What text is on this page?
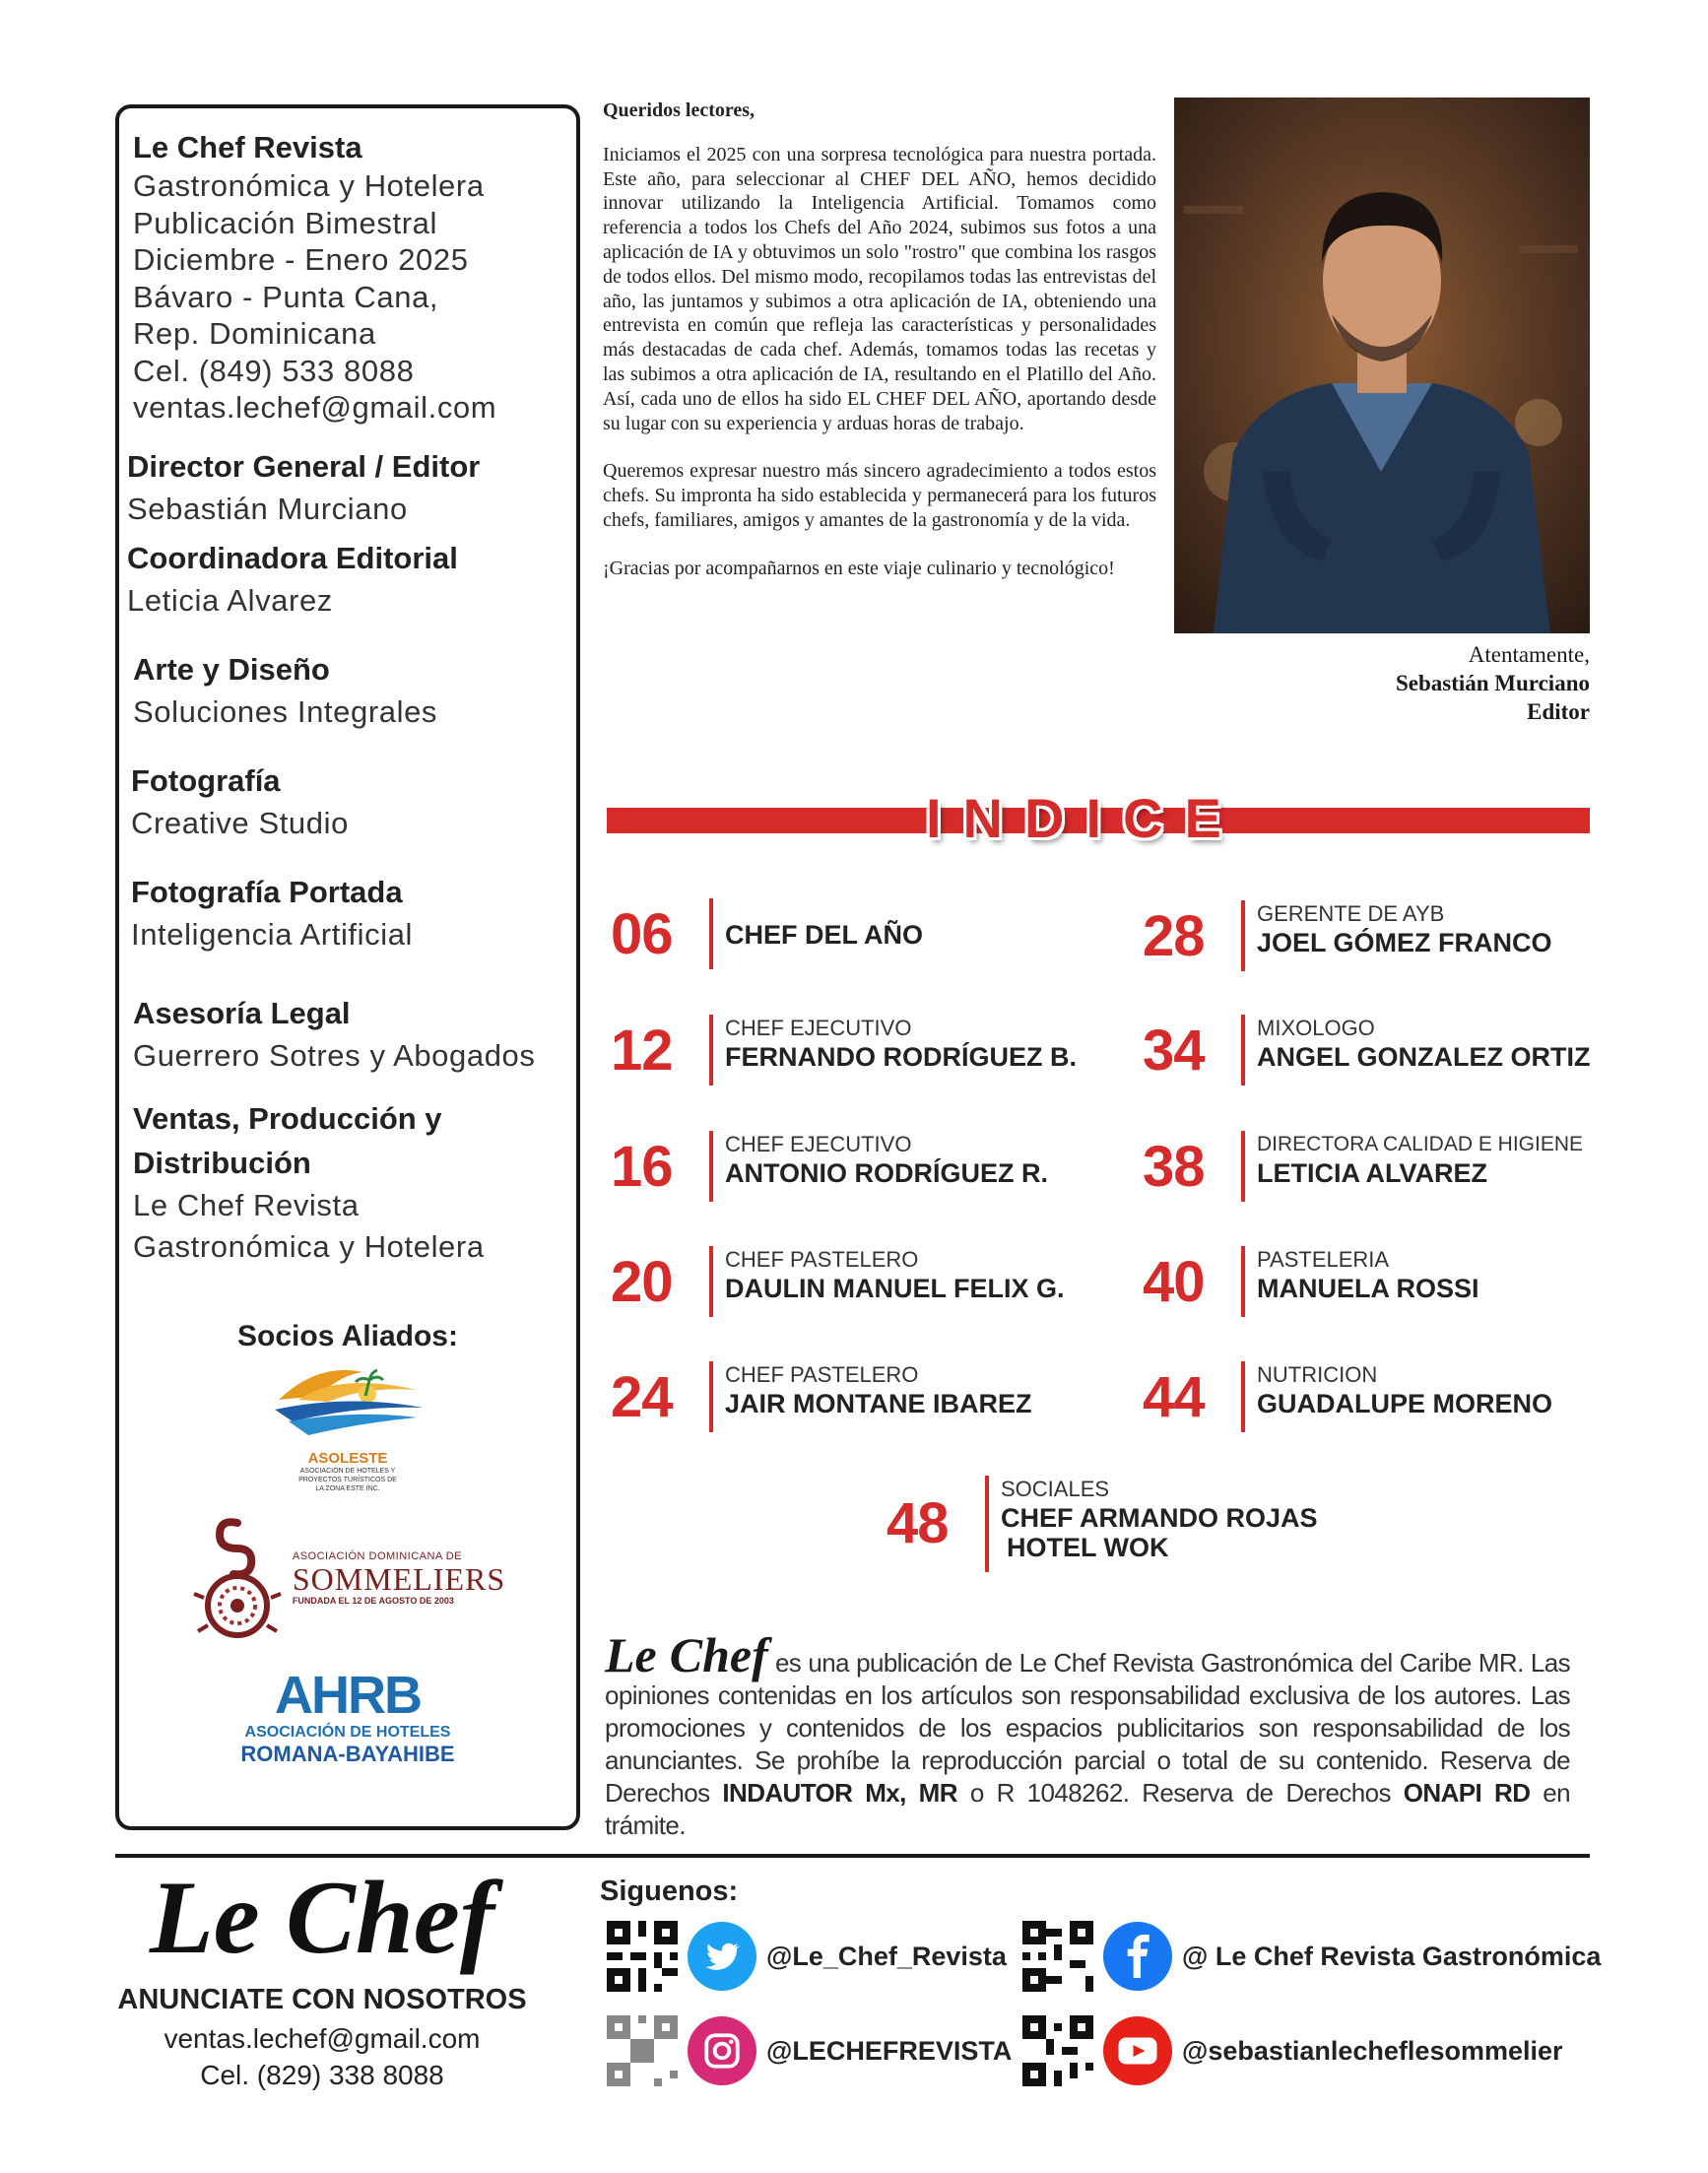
Le Chef Revista
Gastronómica y Hotelera
Publicación Bimestral
Diciembre - Enero 2025
Bávaro - Punta Cana,
Rep. Dominicana
Cel. (849) 533 8088
ventas.lechef@gmail.com
Director General / Editor
Sebastián Murciano
Coordinadora Editorial
Leticia Alvarez
Arte y Diseño
Soluciones Integrales
Fotografía
Creative Studio
Fotografía Portada
Inteligencia Artificial
Asesoría Legal
Guerrero Sotres y Abogados
Ventas, Producción y Distribución
Le Chef Revista
Gastronómica y Hotelera
Socios Aliados:
ASOLESTE
ASOCIACIÓN DE HOTELES Y
PROYECTOS TURÍSTICOS DE
LA ZONA ESTE INC.
ASOCIACIÓN DOMINICANA DE
SOMMELIERS
FUNDADA EL 12 DE AGOSTO DE 2003
AHRB
ASOCIACIÓN DE HOTELES
ROMANA-BAYAHIBE

Queridos lectores,

Iniciamos el 2025 con una sorpresa tecnológica para nuestra portada. Este año, para seleccionar al CHEF DEL AÑO, hemos decidido innovar utilizando la Inteligencia Artificial. Tomamos como referencia a todos los Chefs del Año 2024, subimos sus fotos a una aplicación de IA y obtuvimos un solo "rostro" que combina los rasgos de todos ellos. Del mismo modo, recopilamos todas las entrevistas del año, las juntamos y subimos a otra aplicación de IA, obteniendo una entrevista en común que refleja las características y personalidades más destacadas de cada chef. Además, tomamos todas las recetas y las subimos a otra aplicación de IA, resultando en el Platillo del Año. Así, cada uno de ellos ha sido EL CHEF DEL AÑO, aportando desde su lugar con su experiencia y arduas horas de trabajo.

Queremos expresar nuestro más sincero agradecimiento a todos estos chefs. Su impronta ha sido establecida y permanecerá para los futuros chefs, familiares, amigos y amantes de la gastronomía y de la vida.

¡Gracias por acompañarnos en este viaje culinario y tecnológico!

Atentamente,
Sebastián Murciano
Editor
INDICE
06	CHEF DEL AÑO
12	CHEF EJECUTIVO
FERNANDO RODRÍGUEZ B.
16	CHEF EJECUTIVO
ANTONIO RODRÍGUEZ R.
20	CHEF PASTELERO
DAULIN MANUEL FELIX G.
24	CHEF PASTELERO
JAIR MONTANE IBAREZ
28	GERENTE DE AYB
JOEL GÓMEZ FRANCO
34	MIXOLOGO
ANGEL GONZALEZ ORTIZ
38	DIRECTORA CALIDAD E HIGIENE
LETICIA ALVAREZ
40	PASTELERIA
MANUELA ROSSI
44	NUTRICION
GUADALUPE MORENO
48
SOCIALES
CHEF ARMANDO ROJAS
HOTEL WOK
Le Chef es una publicación de Le Chef Revista Gastronómica del Caribe MR. Las opiniones contenidas en los artículos son responsabilidad exclusiva de los autores. Las promociones y contenidos de los espacios publicitarios son responsabilidad de los anunciantes. Se prohíbe la reproducción parcial o total de su contenido. Reserva de Derechos INDAUTOR Mx, MR o R 1048262. Reserva de Derechos ONAPI RD en trámite.
Le Chef
ANUNCIATE CON NOSOTROS
ventas.lechef@gmail.com
Cel. (829) 338 8088
Siguenos:
@Le_Chef_Revista	@ Le Chef Revista Gastronómica
@LECHEFREVISTA	@sebastianlecheflesommelier
